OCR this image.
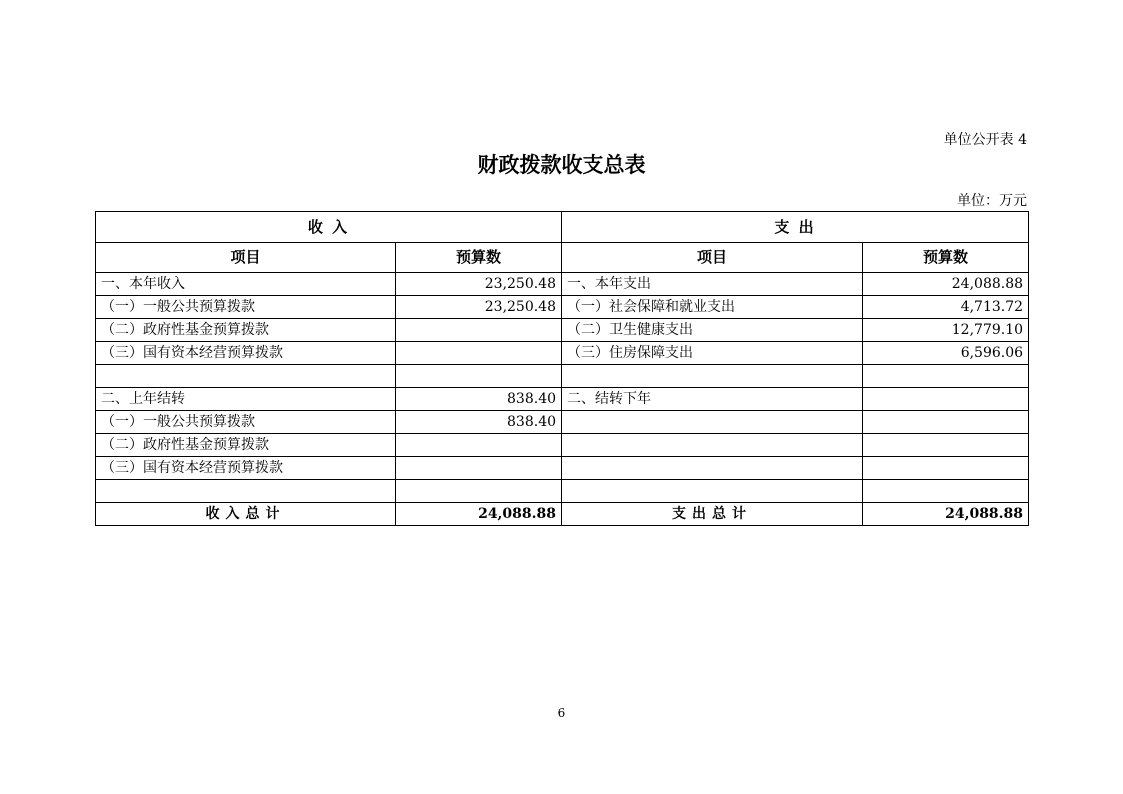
单位公开表 4
财政拨款收支总表
单位：万元
收 入		支 出	
项目	预算数	项目	预算数
一、本年收入	23,250.48	一、本年支出	24,088.88
（一）一般公共预算拨款	23,250.48	（一）社会保障和就业支出	4,713.72
（二）政府性基金预算拨款		（二）卫生健康支出	12,779.10
（三）国有资本经营预算拨款		（三）住房保障支出	6,596.06

二、上年结转	838.40	二、结转下年	
（一）一般公共预算拨款	838.40		
（二）政府性基金预算拨款			
（三）国有资本经营预算拨款			

收入总计	24,088.88	支出总计	24,088.88
6
